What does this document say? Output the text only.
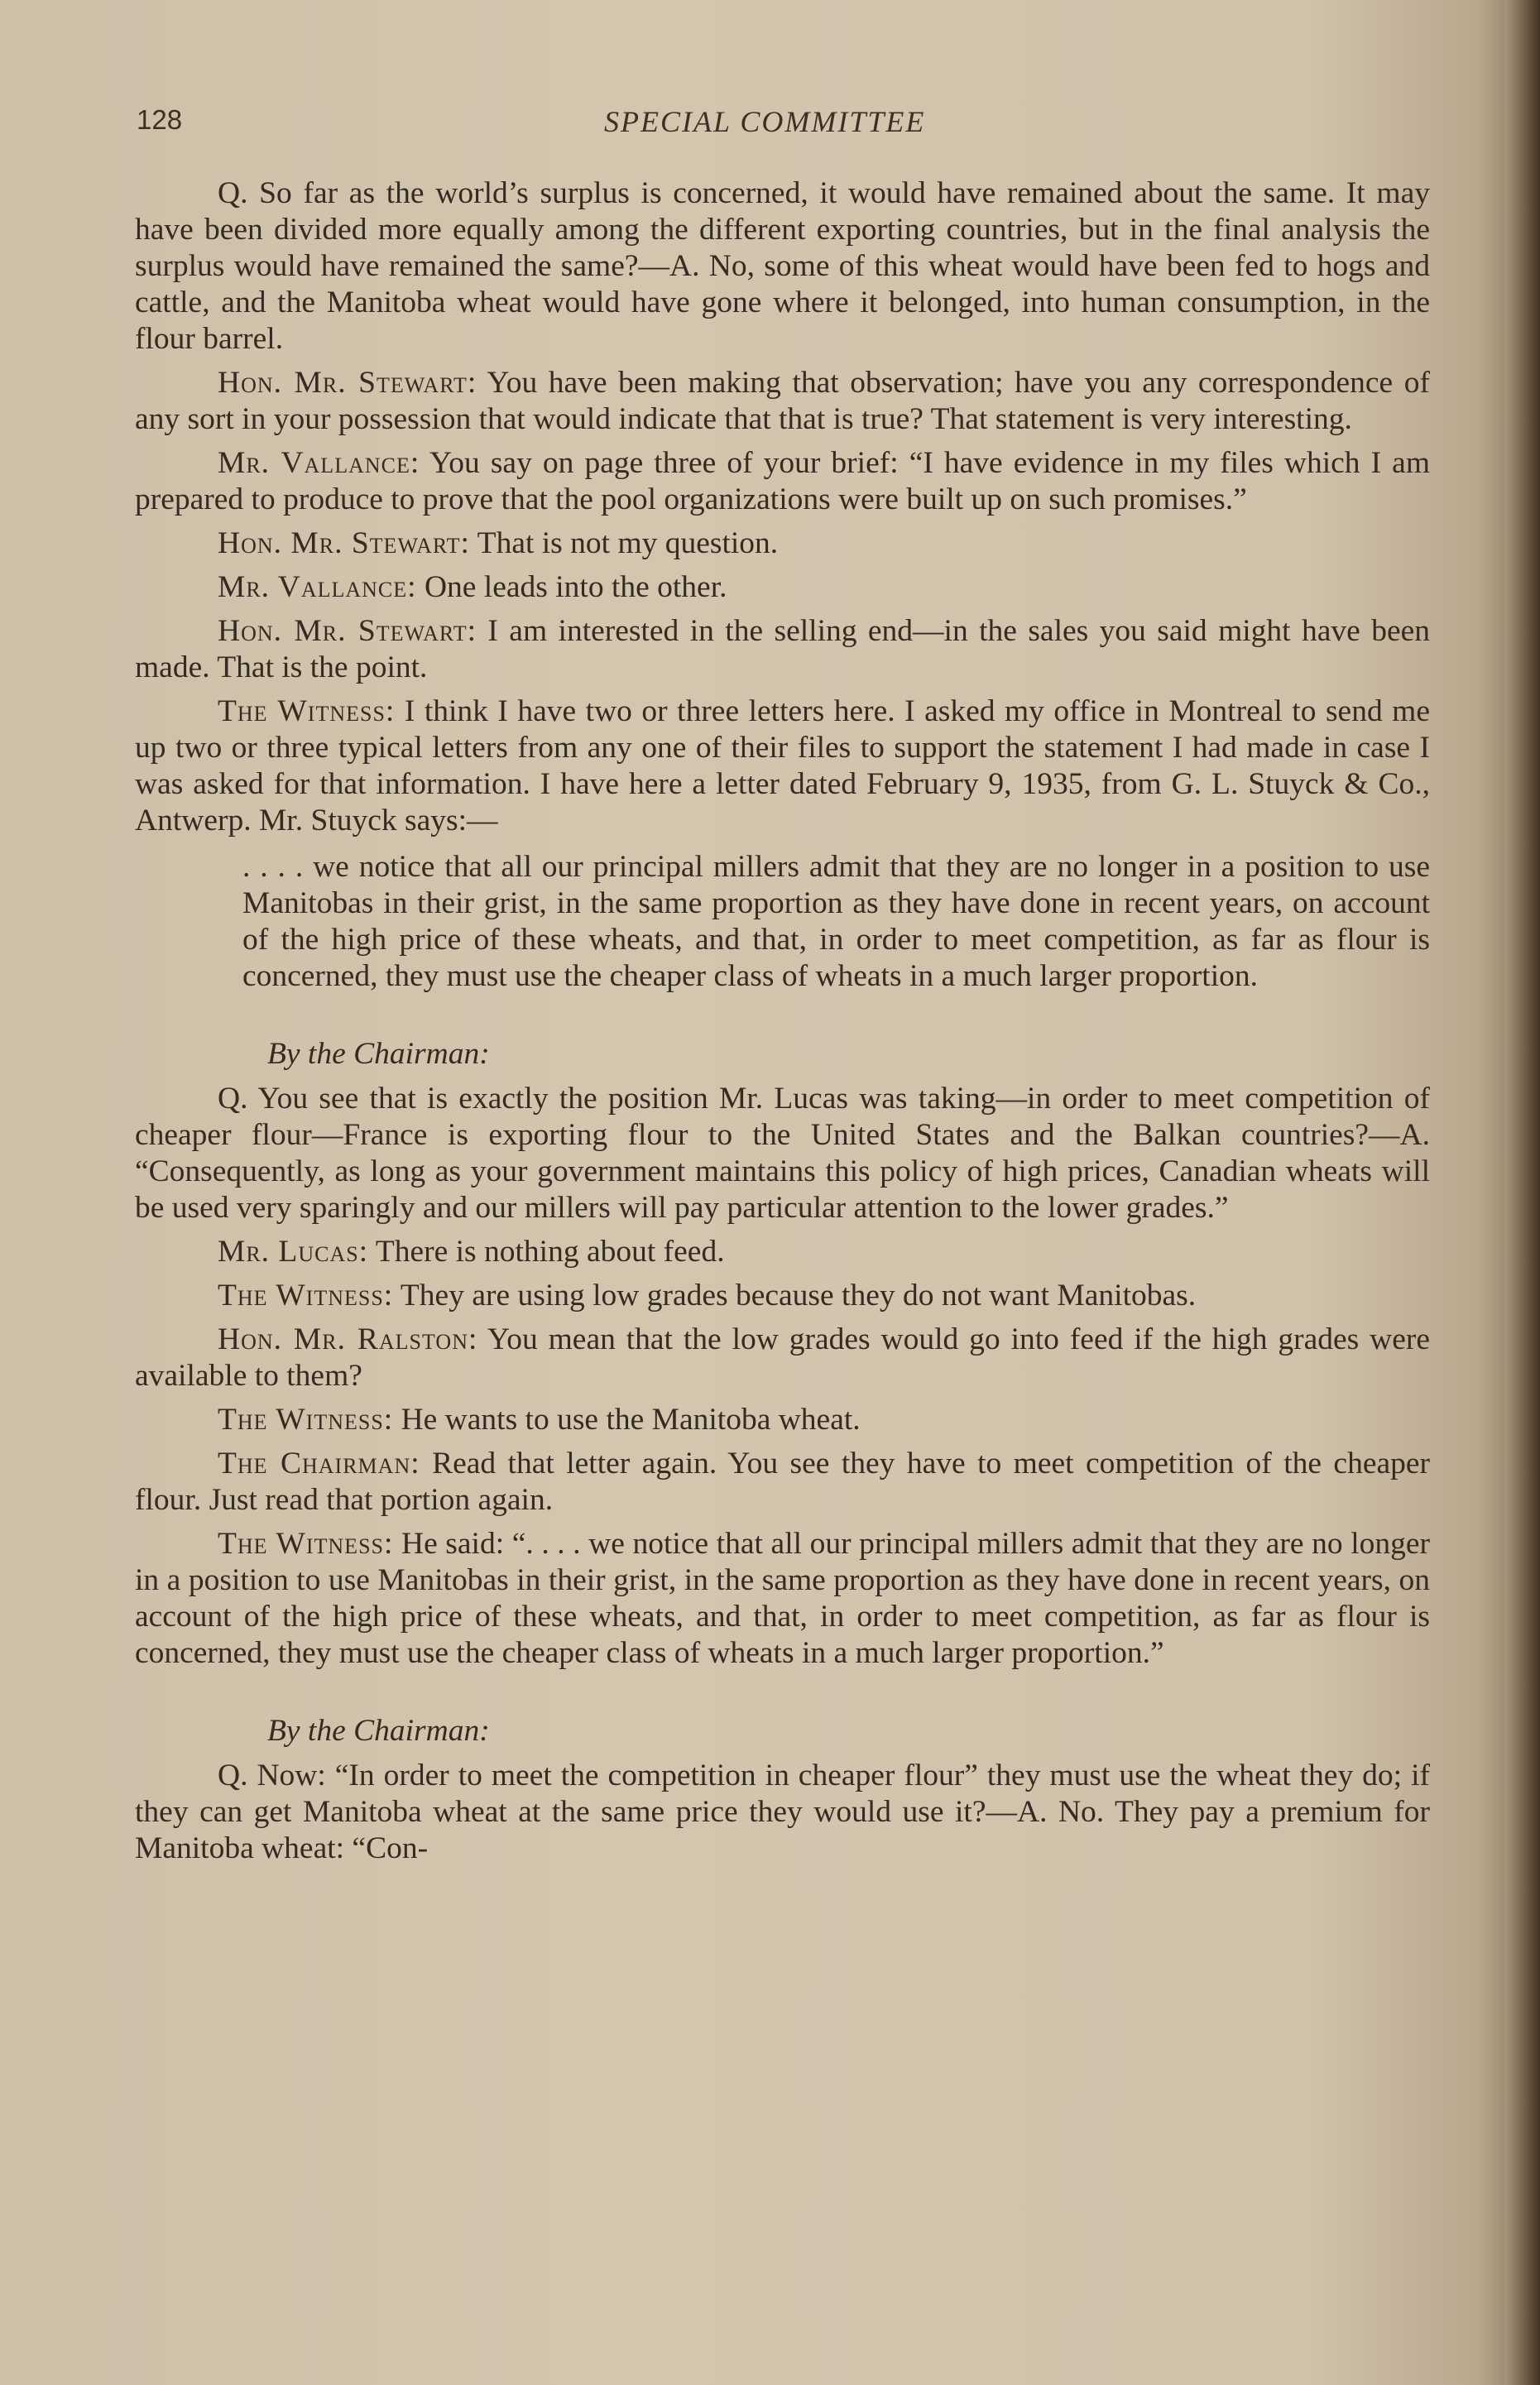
128	SPECIAL COMMITTEE

Q. So far as the world’s surplus is concerned, it would have remained about the same. It may have been divided more equally among the different exporting countries, but in the final analysis the surplus would have remained the same?—A. No, some of this wheat would have been fed to hogs and cattle, and the Manitoba wheat would have gone where it belonged, into human consumption, in the flour barrel.

Hon. Mr. Stewart: You have been making that observation; have you any correspondence of any sort in your possession that would indicate that that is true? That statement is very interesting.

Mr. Vallance: You say on page three of your brief: “I have evidence in my files which I am prepared to produce to prove that the pool organizations were built up on such promises.”

Hon. Mr. Stewart: That is not my question.

Mr. Vallance: One leads into the other.

Hon. Mr. Stewart: I am interested in the selling end—in the sales you said might have been made. That is the point.

The Witness: I think I have two or three letters here. I asked my office in Montreal to send me up two or three typical letters from any one of their files to support the statement I had made in case I was asked for that information. I have here a letter dated February 9, 1935, from G. L. Stuyck & Co., Antwerp. Mr. Stuyck says:—

. . . . we notice that all our principal millers admit that they are no longer in a position to use Manitobas in their grist, in the same proportion as they have done in recent years, on account of the high price of these wheats, and that, in order to meet competition, as far as flour is concerned, they must use the cheaper class of wheats in a much larger proportion.

By the Chairman:

Q. You see that is exactly the position Mr. Lucas was taking—in order to meet competition of cheaper flour—France is exporting flour to the United States and the Balkan countries?—A. “Consequently, as long as your government maintains this policy of high prices, Canadian wheats will be used very sparingly and our millers will pay particular attention to the lower grades.”

Mr. Lucas: There is nothing about feed.

The Witness: They are using low grades because they do not want Manitobas.

Hon. Mr. Ralston: You mean that the low grades would go into feed if the high grades were available to them?

The Witness: He wants to use the Manitoba wheat.

The Chairman: Read that letter again. You see they have to meet competition of the cheaper flour. Just read that portion again.

The Witness: He said: “. . . . we notice that all our principal millers admit that they are no longer in a position to use Manitobas in their grist, in the same proportion as they have done in recent years, on account of the high price of these wheats, and that, in order to meet competition, as far as flour is concerned, they must use the cheaper class of wheats in a much larger proportion.”

By the Chairman:

Q. Now: “In order to meet the competition in cheaper flour” they must use the wheat they do; if they can get Manitoba wheat at the same price they would use it?—A. No. They pay a premium for Manitoba wheat: “Con-
